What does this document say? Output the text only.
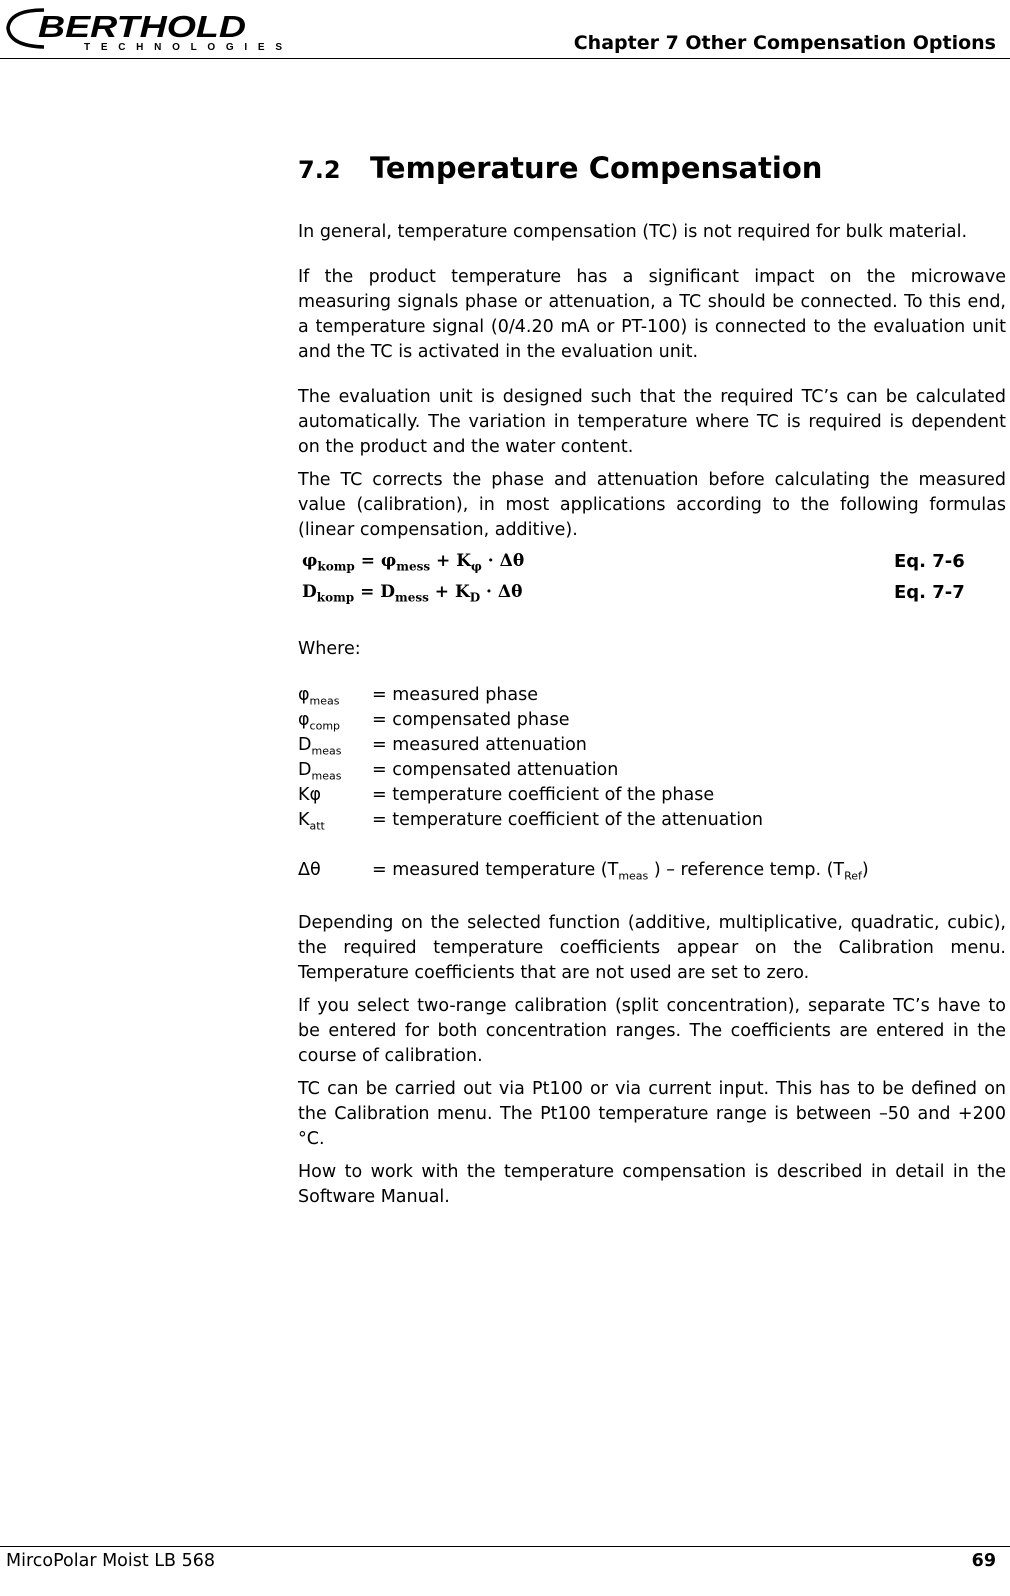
BERTHOLD
TECHNOLOGIES	Chapter 7 Other Compensation Options
7.2 Temperature Compensation

In general, temperature compensation (TC) is not required for bulk material.

If the product temperature has a significant impact on the microwave measuring signals phase or attenuation, a TC should be connected. To this end, a temperature signal (0/4.20 mA or PT-100) is connected to the evaluation unit and the TC is activated in the evaluation unit.

The evaluation unit is designed such that the required TC’s can be calculated automatically. The variation in temperature where TC is required is dependent on the product and the water content.

The TC corrects the phase and attenuation before calculating the measured value (calibration), in most applications according to the following formulas (linear compensation, additive).

$\varphi_{komp} = \varphi_{mess} + K_\varphi \cdot \Delta\theta$	Eq. 7-6
$D_{komp} = D_{mess} + K_D \cdot \Delta\theta$	Eq. 7-7
Where:
$\varphi_{meas}$ = measured phase
$\varphi_{comp}$ = compensated phase
$D_{meas}$ = measured attenuation
$D_{meas}$ = compensated attenuation
Kφ	= temperature coefficient of the phase
$K_{att}$	= temperature coefficient of the attenuation
Δθ	= measured temperature ($T_{meas}$ ) – reference temp. $(T_{Ref})$

Depending on the selected function (additive, multiplicative, quadratic, cubic), the required temperature coefficients appear on the Calibration menu. Temperature coefficients that are not used are set to zero.

If you select two-range calibration (split concentration), separate TC’s have to be entered for both concentration ranges. The coefficients are entered in the course of calibration.

TC can be carried out via Pt100 or via current input. This has to be defined on the Calibration menu. The Pt100 temperature range is between –50 and +200 °C.

How to work with the temperature compensation is described in detail in the Software Manual.

MircoPolar Moist LB 568	69
